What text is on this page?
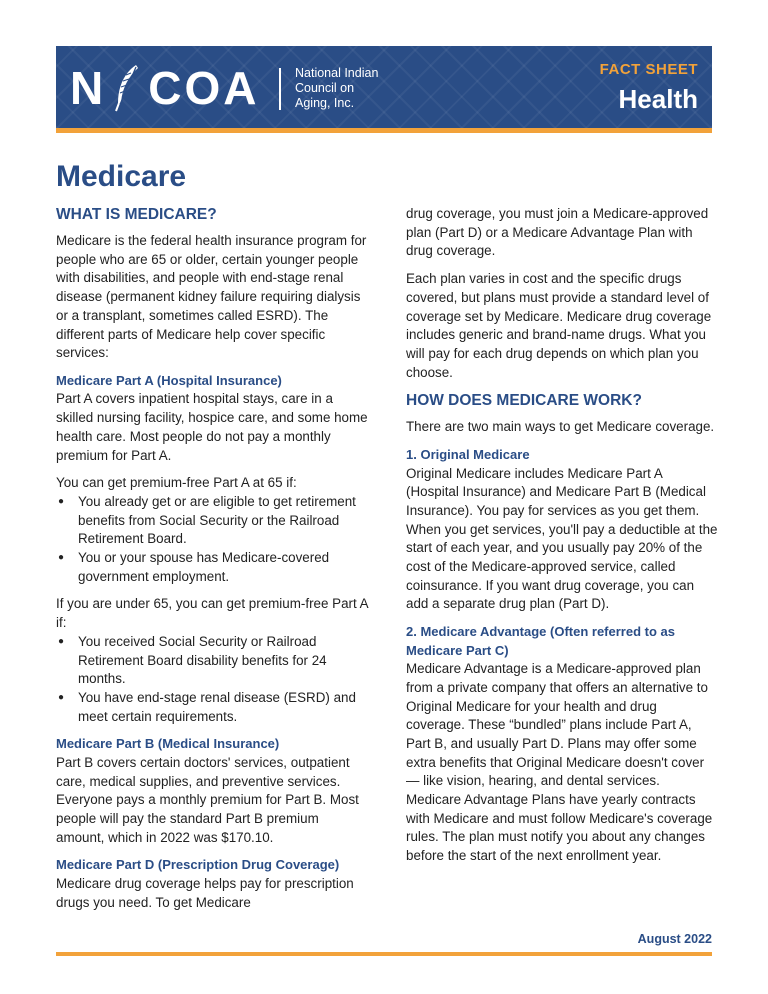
N COA	National Indian
Council on
Aging, Inc.
FACT SHEET
Health
Medicare
WHAT IS MEDICARE?

Medicare is the federal health insurance program for people who are 65 or older, certain younger people with disabilities, and people with end-stage renal disease (permanent kidney failure requiring dialysis or a transplant, sometimes called ESRD). The different parts of Medicare help cover specific services:

Medicare Part A (Hospital Insurance)

Part A covers inpatient hospital stays, care in a skilled nursing facility, hospice care, and some home health care. Most people do not pay a monthly premium for Part A.

You can get premium-free Part A at 65 if:

● You already get or are eligible to get retirement benefits from Social Security or the Railroad Retirement Board.
● You or your spouse has Medicare-covered government employment.

If you are under 65, you can get premium-free Part A if:

● You received Social Security or Railroad Retirement Board disability benefits for 24 months.
● You have end-stage renal disease (ESRD) and meet certain requirements.
Medicare Part B (Medical Insurance)

Part B covers certain doctors' services, outpatient care, medical supplies, and preventive services. Everyone pays a monthly premium for Part B. Most people will pay the standard Part B premium amount, which in 2022 was $170.10.

Medicare Part D (Prescription Drug Coverage)

Medicare drug coverage helps pay for prescription drugs you need. To get Medicare

drug coverage, you must join a Medicare-approved plan (Part D) or a Medicare Advantage Plan with drug coverage.

Each plan varies in cost and the specific drugs covered, but plans must provide a standard level of coverage set by Medicare. Medicare drug coverage includes generic and brand-name drugs. What you will pay for each drug depends on which plan you choose.

HOW DOES MEDICARE WORK?

There are two main ways to get Medicare coverage.

1. Original Medicare

Original Medicare includes Medicare Part A (Hospital Insurance) and Medicare Part B (Medical Insurance). You pay for services as you get them. When you get services, you'll pay a deductible at the start of each year, and you usually pay 20% of the cost of the Medicare-approved service, called coinsurance. If you want drug coverage, you can add a separate drug plan (Part D).

2. Medicare Advantage (Often referred to as Medicare Part C)

Medicare Advantage is a Medicare-approved plan from a private company that offers an alternative to Original Medicare for your health and drug coverage. These “bundled” plans include Part A, Part B, and usually Part D. Plans may offer some extra benefits that Original Medicare doesn't cover — like vision, hearing, and dental services. Medicare Advantage Plans have yearly contracts with Medicare and must follow Medicare's coverage rules. The plan must notify you about any changes before the start of the next enrollment year.

August 2022
